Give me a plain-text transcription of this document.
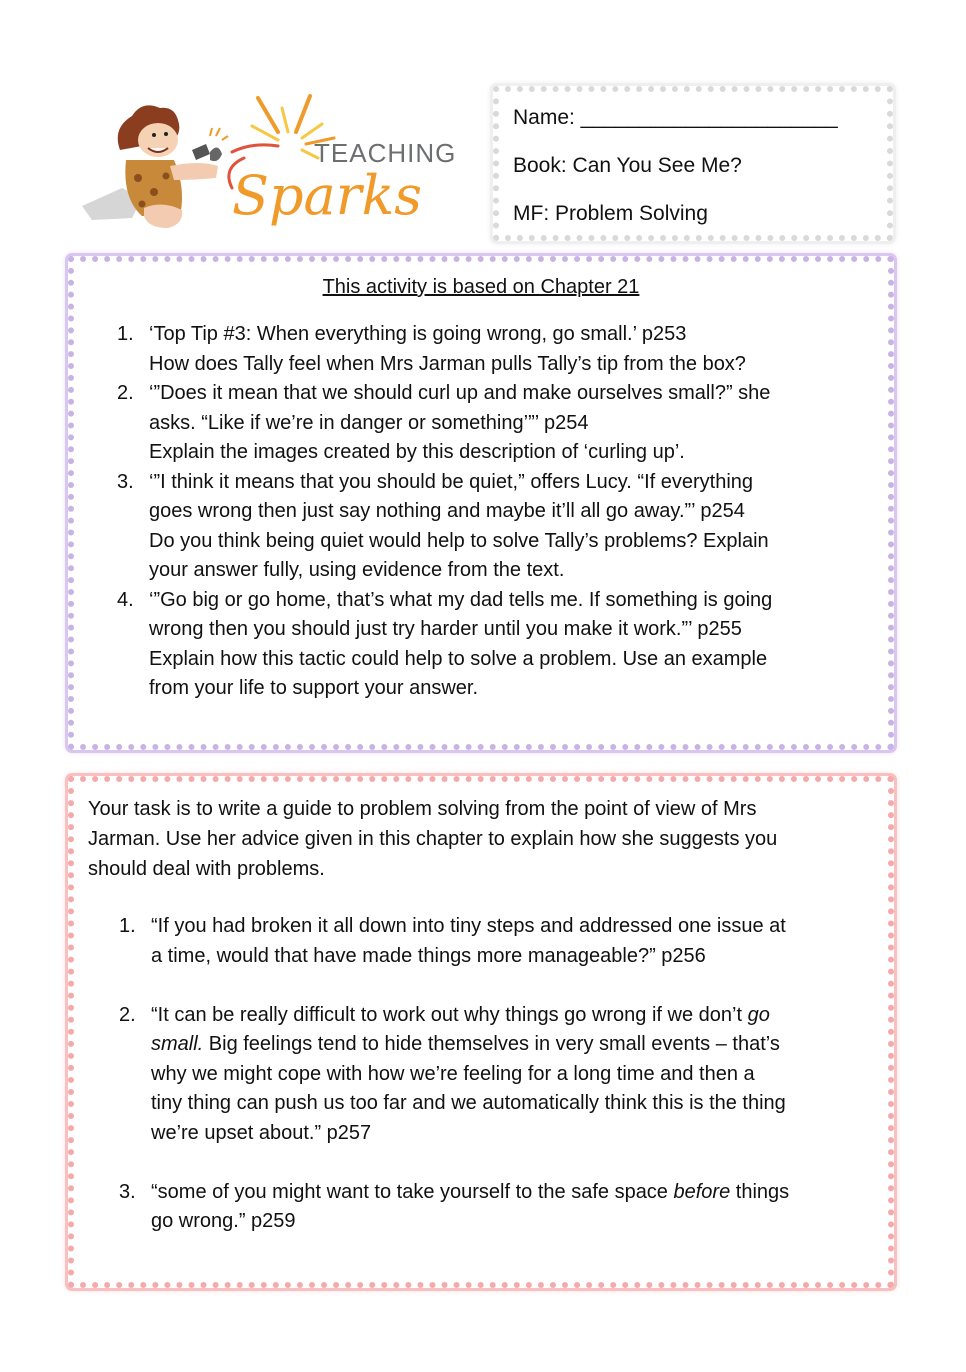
TEACHING
Sparks
Name: ______________________
Book: Can You See Me?
MF: Problem Solving
This activity is based on Chapter 21
1. ‘Top Tip #3: When everything is going wrong, go small.’ p253
How does Tally feel when Mrs Jarman pulls Tally’s tip from the box?
2. ‘”Does it mean that we should curl up and make ourselves small?” she
asks. “Like if we’re in danger or something’”’ p254
Explain the images created by this description of ‘curling up’.
3. ‘”I think it means that you should be quiet,” offers Lucy. “If everything
goes wrong then just say nothing and maybe it’ll all go away.”’ p254
Do you think being quiet would help to solve Tally’s problems? Explain
your answer fully, using evidence from the text.
4. ‘”Go big or go home, that’s what my dad tells me. If something is going
wrong then you should just try harder until you make it work.”’ p255
Explain how this tactic could help to solve a problem. Use an example
from your life to support your answer.
Your task is to write a guide to problem solving from the point of view of Mrs
Jarman. Use her advice given in this chapter to explain how she suggests you
should deal with problems.
1. “If you had broken it all down into tiny steps and addressed one issue at
a time, would that have made things more manageable?” p256
2. “It can be really difficult to work out why things go wrong if we don’t go
small. Big feelings tend to hide themselves in very small events – that’s
why we might cope with how we’re feeling for a long time and then a
tiny thing can push us too far and we automatically think this is the thing
we’re upset about.” p257
3. “some of you might want to take yourself to the safe space before things
go wrong.” p259
